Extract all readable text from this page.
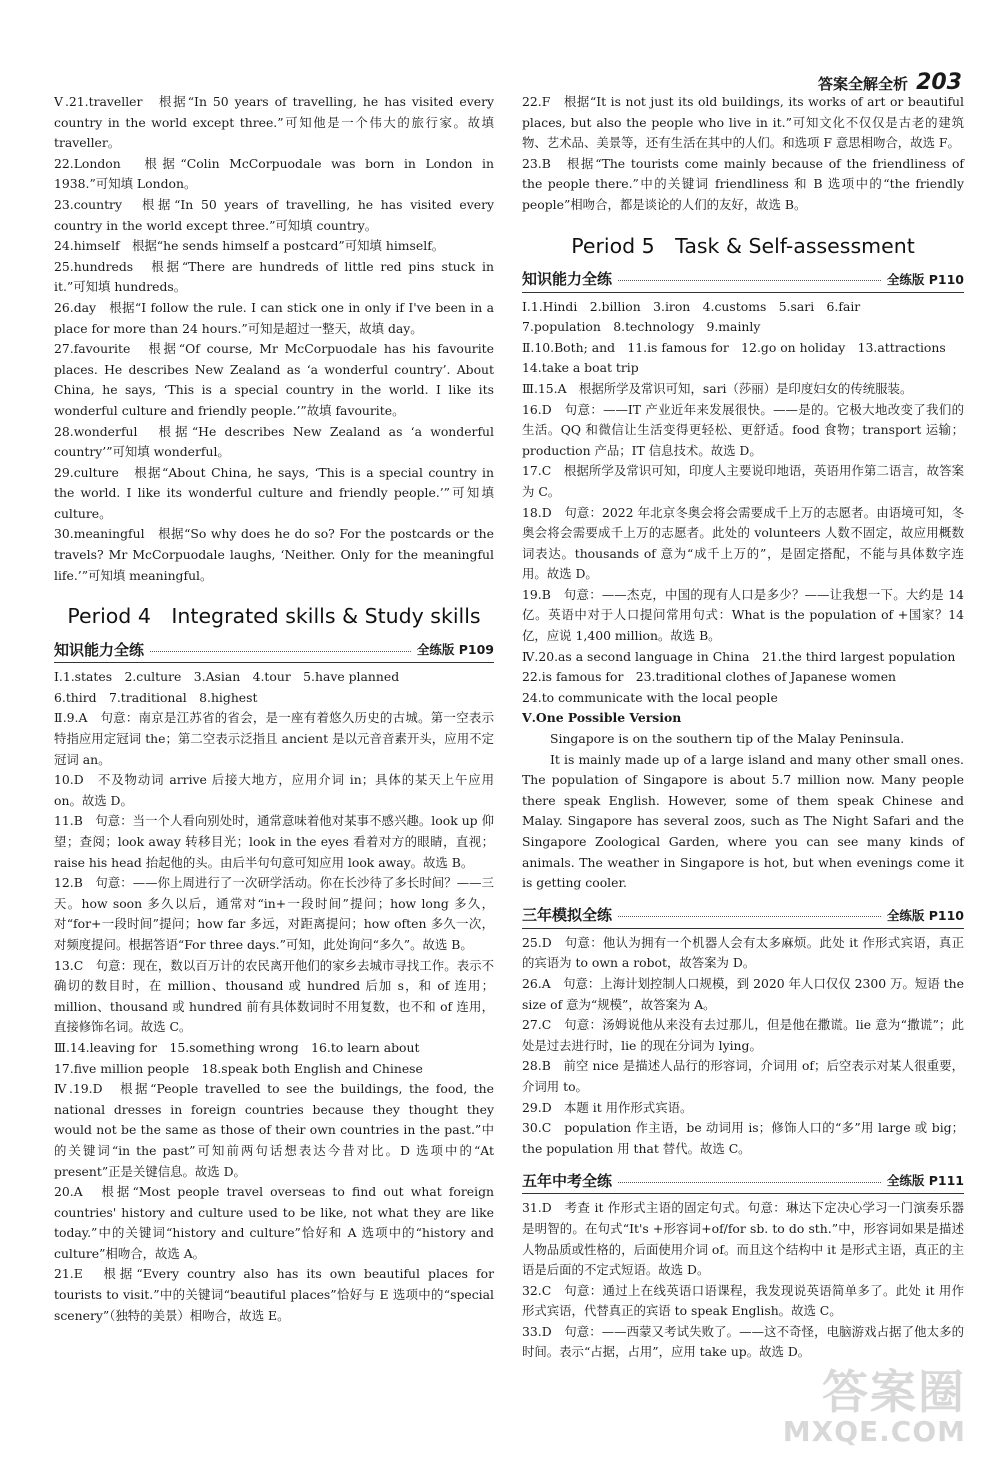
答案全解全析 203
Ⅴ.21.traveller　根据“In 50 years of travelling, he has visited every country in the world except three.”可知他是一个伟大的旅行家。故填 traveller。
22.London　根据“Colin McCorpuodale was born in London in 1938.”可知填 London。
23.country　根据“In 50 years of travelling, he has visited every country in the world except three.”可知填 country。
24.himself　根据“he sends himself a postcard”可知填 himself。
25.hundreds　根据“There are hundreds of little red pins stuck in it.”可知填 hundreds。
26.day　根据“I follow the rule. I can stick one in only if I've been in a place for more than 24 hours.”可知是超过一整天，故填 day。
27.favourite　根据“Of course, Mr McCorpuodale has his favourite places. He describes New Zealand as ‘a wonderful country’. About China, he says, ‘This is a special country in the world. I like its wonderful culture and friendly people.’”故填 favourite。
28.wonderful　根据“He describes New Zealand as ‘a wonderful country’”可知填 wonderful。
29.culture　根据“About China, he says, ‘This is a special country in the world. I like its wonderful culture and friendly people.’”可知填 culture。
30.meaningful　根据“So why does he do so? For the postcards or the travels? Mr McCorpuodale laughs, ‘Neither. Only for the meaningful life.’”可知填 meaningful。
Period 4　Integrated skills & Study skills
知识能力全练	全练版 P109
Ⅰ.1.states　2.culture　3.Asian　4.tour　5.have planned
6.third　7.traditional　8.highest
Ⅱ.9.A　句意：南京是江苏省的省会，是一座有着悠久历史的古城。第一空表示特指应用定冠词 the；第二空表示泛指且 ancient 是以元音音素开头，应用不定冠词 an。
10.D　不及物动词 arrive 后接大地方，应用介词 in；具体的某天上午应用 on。故选 D。
11.B　句意：当一个人看向别处时，通常意味着他对某事不感兴趣。look up 仰望；查阅；look away 转移目光；look in the eyes 看着对方的眼睛，直视；raise his head 抬起他的头。由后半句句意可知应用 look away。故选 B。
12.B　句意：——你上周进行了一次研学活动。你在长沙待了多长时间？——三天。how soon 多久以后，通常对“in+一段时间”提问；how long 多久，对“for+一段时间”提问；how far 多远，对距离提问；how often 多久一次，对频度提问。根据答语“For three days.”可知，此处询问“多久”。故选 B。
13.C　句意：现在，数以百万计的农民离开他们的家乡去城市寻找工作。表示不确切的数目时，在 million、thousand 或 hundred 后加 s，和 of 连用；million、thousand 或 hundred 前有具体数词时不用复数，也不和 of 连用，直接修饰名词。故选 C。
Ⅲ.14.leaving for　15.something wrong　16.to learn about
17.five million people　18.speak both English and Chinese
Ⅳ.19.D　根据“People travelled to see the buildings, the food, the national dresses in foreign countries because they thought they would not be the same as those of their own countries in the past.”中的关键词“in the past”可知前两句话想表达今昔对比。D 选项中的“At present”正是关键信息。故选 D。
20.A　根据“Most people travel overseas to find out what foreign countries' history and culture used to be like, not what they are like today.”中的关键词“history and culture”恰好和 A 选项中的“history and culture”相吻合，故选 A。
21.E　根据“Every country also has its own beautiful places for tourists to visit.”中的关键词“beautiful places”恰好与 E 选项中的“special scenery”（独特的美景）相吻合，故选 E。
22.F　根据“It is not just its old buildings, its works of art or beautiful places, but also the people who live in it.”可知文化不仅仅是古老的建筑物、艺术品、美景等，还有生活在其中的人们。和选项 F 意思相吻合，故选 F。
23.B　根据“The tourists come mainly because of the friendliness of the people there.”中的关键词 friendliness 和 B 选项中的“the friendly people”相吻合，都是谈论的人们的友好，故选 B。
Period 5　Task & Self-assessment
知识能力全练	全练版 P110
Ⅰ.1.Hindi　2.billion　3.iron　4.customs　5.sari　6.fair
7.population　8.technology　9.mainly
Ⅱ.10.Both; and　11.is famous for　12.go on holiday　13.attractions
14.take a boat trip
Ⅲ.15.A　根据所学及常识可知，sari（莎丽）是印度妇女的传统服装。
16.D　句意：——IT 产业近年来发展很快。——是的。它极大地改变了我们的生活。QQ 和微信让生活变得更轻松、更舒适。food 食物；transport 运输；production 产品；IT 信息技术。故选 D。
17.C　根据所学及常识可知，印度人主要说印地语，英语用作第二语言，故答案为 C。
18.D　句意：2022 年北京冬奥会将会需要成千上万的志愿者。由语境可知，冬奥会将会需要成千上万的志愿者。此处的 volunteers 人数不固定，故应用概数词表达。thousands of 意为“成千上万的”，是固定搭配，不能与具体数字连用。故选 D。
19.B　句意：——杰克，中国的现有人口是多少？——让我想一下。大约是 14 亿。英语中对于人口提问常用句式：What is the population of +国家？14 亿，应说 1,400 million。故选 B。
Ⅳ.20.as a second language in China　21.the third largest population
22.is famous for　23.traditional clothes of Japanese women
24.to communicate with the local people
Ⅴ.One Possible Version
Singapore is on the southern tip of the Malay Peninsula.
It is mainly made up of a large island and many other small ones. The population of Singapore is about 5.7 million now. Many people there speak English. However, some of them speak Chinese and Malay. Singapore has several zoos, such as The Night Safari and the Singapore Zoological Garden, where you can see many kinds of animals. The weather in Singapore is hot, but when evenings come it is getting cooler.
三年模拟全练	全练版 P110
25.D　句意：他认为拥有一个机器人会有太多麻烦。此处 it 作形式宾语，真正的宾语为 to own a robot，故答案为 D。
26.A　句意：上海计划控制人口规模，到 2020 年人口仅仅 2300 万。短语 the size of 意为“规模”，故答案为 A。
27.C　句意：汤姆说他从来没有去过那儿，但是他在撒谎。lie 意为“撒谎”；此处是过去进行时，lie 的现在分词为 lying。
28.B　前空 nice 是描述人品行的形容词，介词用 of；后空表示对某人很重要，介词用 to。
29.D　本题 it 用作形式宾语。
30.C　population 作主语，be 动词用 is；修饰人口的“多”用 large 或 big；the population 用 that 替代。故选 C。
五年中考全练	全练版 P111
31.D　考查 it 作形式主语的固定句式。句意：琳达下定决心学习一门演奏乐器是明智的。在句式“It's +形容词+of/for sb. to do sth.”中，形容词如果是描述人物品质或性格的，后面使用介词 of。而且这个结构中 it 是形式主语，真正的主语是后面的不定式短语。故选 D。
32.C　句意：通过上在线英语口语课程，我发现说英语简单多了。此处 it 用作形式宾语，代替真正的宾语 to speak English。故选 C。
33.D　句意：——西蒙又考试失败了。——这不奇怪，电脑游戏占据了他太多的时间。表示“占据，占用”，应用 take up。故选 D。
答案圈
MXQE.COM
